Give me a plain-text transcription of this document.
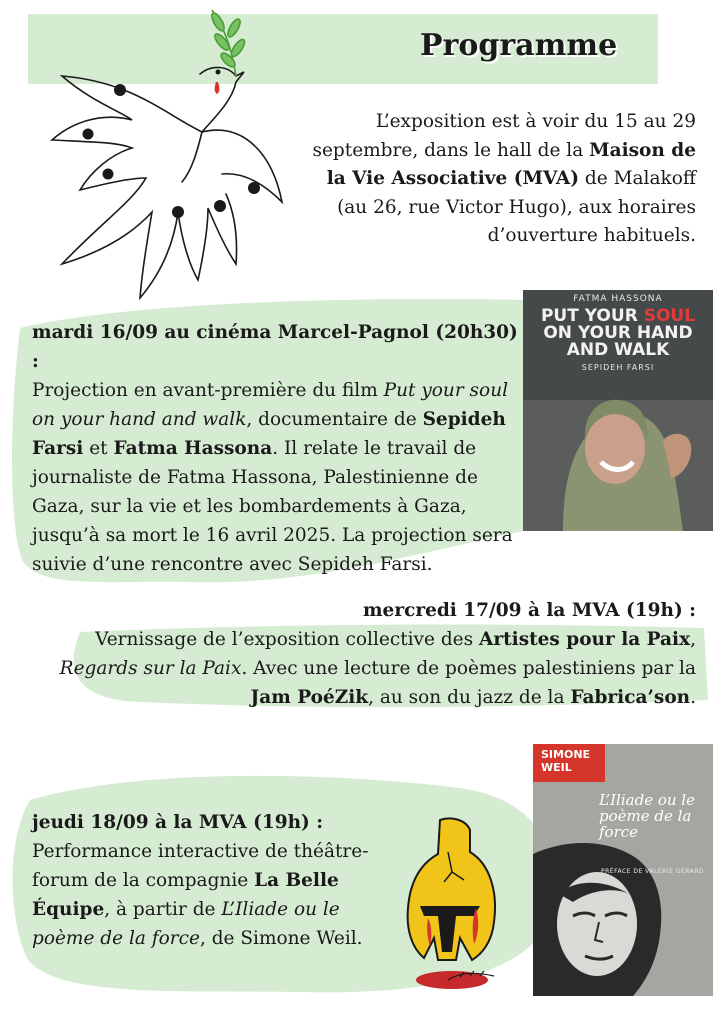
Programme

L’exposition est à voir du 15 au 29 septembre, dans le hall de la Maison de la Vie Associative (MVA) de Malakoff (au 26, rue Victor Hugo), aux horaires d’ouverture habituels.

mardi 16/09 au cinéma Marcel-Pagnol (20h30) :
Projection en avant-première du film Put your soul on your hand and walk, documentaire de Sepideh Farsi et Fatma Hassona. Il relate le travail de journaliste de Fatma Hassona, Palestinienne de Gaza, sur la vie et les bombardements à Gaza, jusqu’à sa mort le 16 avril 2025. La projection sera suivie d’une rencontre avec Sepideh Farsi.
FATMA HASSONA
PUT YOUR SOUL
ON YOUR HAND AND WALK
SEPIDEH FARSI
mercredi 17/09 à la MVA (19h) :
Vernissage de l’exposition collective des Artistes pour la Paix, Regards sur la Paix. Avec une lecture de poèmes palestiniens par la Jam PoéZik, au son du jazz de la Fabrica’son.
jeudi 18/09 à la MVA (19h) :
Performance interactive de théâtre-forum de la compagnie La Belle Équipe, à partir de L’Iliade ou le poème de la force, de Simone Weil.
SIMONE
WEIL
L’Iliade ou le poème de la force
PRÉFACE DE VALÉRIE GÉRARD
